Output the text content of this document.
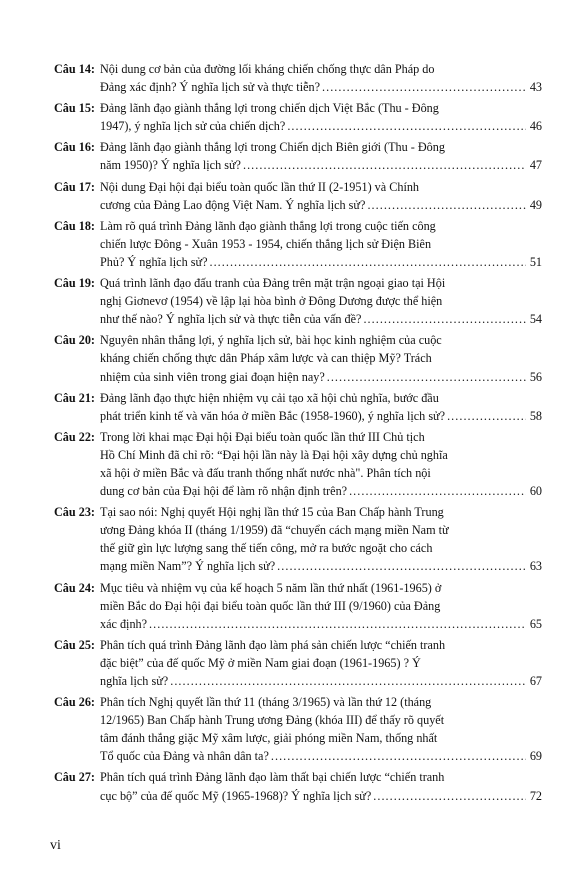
Câu 14: Nội dung cơ bản của đường lối kháng chiến chống thực dân Pháp do
Đảng xác định? Ý nghĩa lịch sử và thực tiễn? . . .	43
Câu 15: Đảng lãnh đạo giành thắng lợi trong chiến dịch Việt Bắc (Thu - Đông
1947), ý nghĩa lịch sử của chiến dịch? . . .	46
Câu 16: Đảng lãnh đạo giành thắng lợi trong Chiến dịch Biên giới (Thu - Đông
năm 1950)? Ý nghĩa lịch sử? . . .	47
Câu 17: Nội dung Đại hội đại biểu toàn quốc lần thứ II (2-1951) và Chính
cương của Đảng Lao động Việt Nam. Ý nghĩa lịch sử? . . .	49
Câu 18: Làm rõ quá trình Đảng lãnh đạo giành thắng lợi trong cuộc tiến công
chiến lược Đông - Xuân 1953 - 1954, chiến thắng lịch sử Điện Biên
Phủ? Ý nghĩa lịch sử? . . .	51
Câu 19: Quá trình lãnh đạo đấu tranh của Đảng trên mặt trận ngoại giao tại Hội
nghị Giơnevơ (1954) về lập lại hòa bình ở Đông Dương được thể hiện
như thế nào? Ý nghĩa lịch sử và thực tiễn của vấn đề? . . .	54
Câu 20: Nguyên nhân thắng lợi, ý nghĩa lịch sử, bài học kinh nghiệm của cuộc
kháng chiến chống thực dân Pháp xâm lược và can thiệp Mỹ? Trách
nhiệm của sinh viên trong giai đoạn hiện nay? . . .	56
Câu 21: Đảng lãnh đạo thực hiện nhiệm vụ cải tạo xã hội chủ nghĩa, bước đầu
phát triển kinh tế và văn hóa ở miền Bắc (1958-1960), ý nghĩa lịch sử? . . .	58
Câu 22: Trong lời khai mạc Đại hội Đại biểu toàn quốc lần thứ III Chủ tịch
Hồ Chí Minh đã chỉ rõ: “Đại hội lần này là Đại hội xây dựng chủ nghĩa
xã hội ở miền Bắc và đấu tranh thống nhất nước nhà". Phân tích nội
dung cơ bản của Đại hội để làm rõ nhận định trên? . . .	60
Câu 23: Tại sao nói: Nghị quyết Hội nghị lần thứ 15 của Ban Chấp hành Trung
ương Đảng khóa II (tháng 1/1959) đã “chuyển cách mạng miền Nam từ
thế giữ gìn lực lượng sang thế tiến công, mở ra bước ngoặt cho cách
mạng miền Nam”? Ý nghĩa lịch sử? . . .	63
Câu 24: Mục tiêu và nhiệm vụ của kế hoạch 5 năm lần thứ nhất (1961-1965) ở
miền Bắc do Đại hội đại biểu toàn quốc lần thứ III (9/1960) của Đảng
xác định? . . .	65
Câu 25: Phân tích quá trình Đảng lãnh đạo làm phá sản chiến lược “chiến tranh
đặc biệt” của đế quốc Mỹ ở miền Nam giai đoạn (1961-1965) ? Ý
nghĩa lịch sử? . . .	67
Câu 26: Phân tích Nghị quyết lần thứ 11 (tháng 3/1965) và lần thứ 12 (tháng
12/1965) Ban Chấp hành Trung ương Đảng (khóa III) để thấy rõ quyết
tâm đánh thắng giặc Mỹ xâm lược, giải phóng miền Nam, thống nhất
Tổ quốc của Đảng và nhân dân ta? . . .	69
Câu 27: Phân tích quá trình Đảng lãnh đạo làm thất bại chiến lược “chiến tranh
cục bộ” của đế quốc Mỹ (1965-1968)? Ý nghĩa lịch sử? . . .	72
vi
